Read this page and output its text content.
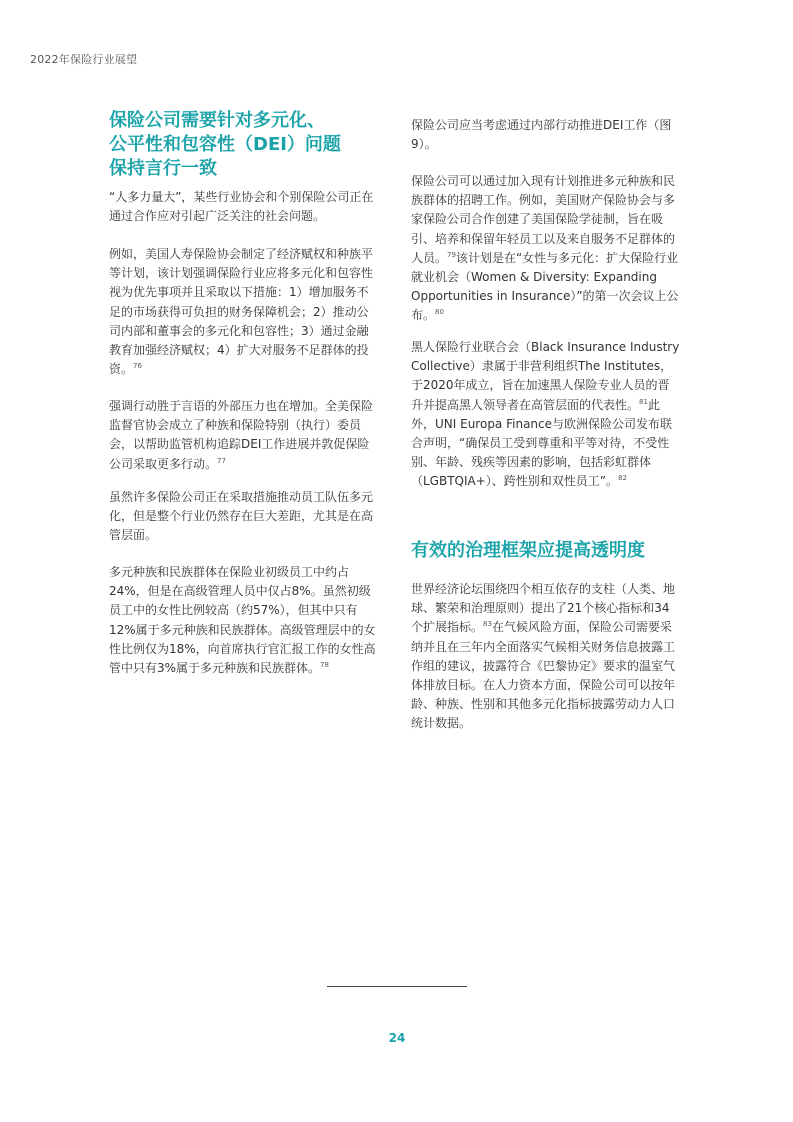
2022年保险行业展望
保险公司需要针对多元化、
公平性和包容性（DEI）问题
保持言行一致

“人多力量大”，某些行业协会和个别保险公司正在通过合作应对引起广泛关注的社会问题。

例如，美国人寿保险协会制定了经济赋权和种族平等计划，该计划强调保险行业应将多元化和包容性视为优先事项并且采取以下措施：1）增加服务不足的市场获得可负担的财务保障机会；2）推动公司内部和董事会的多元化和包容性；3）通过金融教育加强经济赋权；4）扩大对服务不足群体的投资。$^{76}$

强调行动胜于言语的外部压力也在增加。全美保险监督官协会成立了种族和保险特别（执行）委员会，以帮助监管机构追踪DEI工作进展并敦促保险公司采取更多行动。$^{77}$

虽然许多保险公司正在采取措施推动员工队伍多元化，但是整个行业仍然存在巨大差距，尤其是在高管层面。

多元种族和民族群体在保险业初级员工中约占24%，但是在高级管理人员中仅占8%。虽然初级员工中的女性比例较高（约57%），但其中只有12%属于多元种族和民族群体。高级管理层中的女性比例仅为18%，向首席执行官汇报工作的女性高管中只有3%属于多元种族和民族群体。$^{78}$

保险公司应当考虑通过内部行动推进DEI工作（图9）。

保险公司可以通过加入现有计划推进多元种族和民族群体的招聘工作。例如，美国财产保险协会与多家保险公司合作创建了美国保险学徒制，旨在吸引、培养和保留年轻员工以及来自服务不足群体的人员。$^{79}$该计划是在“女性与多元化：扩大保险行业就业机会（Women & Diversity: Expanding Opportunities in Insurance）”的第一次会议上公布。$^{80}$

黑人保险行业联合会（Black Insurance Industry Collective）隶属于非营利组织The Institutes，于2020年成立，旨在加速黑人保险专业人员的晋升并提高黑人领导者在高管层面的代表性。$^{81}$此外，UNI Europa Finance与欧洲保险公司发布联合声明，“确保员工受到尊重和平等对待，不受性别、年龄、残疾等因素的影响，包括彩虹群体（LGBTQIA+）、跨性别和双性员工”。$^{82}$

有效的治理框架应提高透明度

世界经济论坛围绕四个相互依存的支柱（人类、地球、繁荣和治理原则）提出了21个核心指标和34个扩展指标。$^{83}$在气候风险方面，保险公司需要采纳并且在三年内全面落实气候相关财务信息披露工作组的建议，披露符合《巴黎协定》要求的温室气体排放目标。在人力资本方面，保险公司可以按年龄、种族、性别和其他多元化指标披露劳动力人口统计数据。

24
